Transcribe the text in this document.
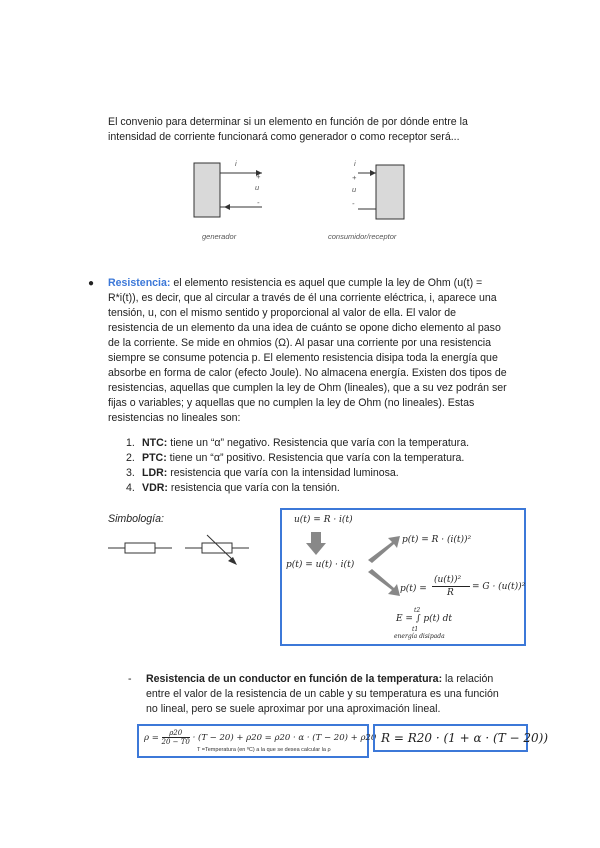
El convenio para determinar si un elemento en función de por dónde entre la
intensidad de corriente funcionará como generador o como receptor será...
i
+
u
-
i
+
u
-
generador	consumidor/receptor
● Resistencia: el elemento resistencia es aquel que cumple la ley de Ohm (u(t) =
R*i(t)), es decir, que al circular a través de él una corriente eléctrica, i, aparece una
tensión, u, con el mismo sentido y proporcional al valor de ella. El valor de
resistencia de un elemento da una idea de cuánto se opone dicho elemento al paso
de la corriente. Se mide en ohmios (Ω). Al pasar una corriente por una resistencia
siempre se consume potencia p. El elemento resistencia disipa toda la energía que
absorbe en forma de calor (efecto Joule). No almacena energía. Existen dos tipos de
resistencias, aquellas que cumplen la ley de Ohm (lineales), que a su vez podrán ser
fijas o variables; y aquellas que no cumplen la ley de Ohm (no lineales). Estas
resistencias no lineales son:
1. NTC: tiene un “α” negativo. Resistencia que varía con la temperatura.
2. PTC: tiene un “α” positivo. Resistencia que varía con la temperatura.
3. LDR: resistencia que varía con la intensidad luminosa.
4. VDR: resistencia que varía con la tensión.
Simbología:	u(t) = R · i(t)
p(t) = u(t) · i(t)
p(t) = R · (i(t))²
p(t) =
(u(t))²
R
= G · (u(t))²
E = ∫ p(t) dt
t2
t1
energía disipada
- Resistencia de un conductor en función de la temperatura: la relación
entre el valor de la resistencia de un cable y su temperatura es una función
no lineal, pero se suele aproximar por una aproximación lineal.
$\rho = \frac{\rho 20}{20 - T0} \cdot (T - 20) + \rho 20 = \rho 20 \cdot \alpha \cdot (T - 20) + \rho 20$
T =Temperatura (en ºC) a la que se desea calcular la ρ
R = R20 · (1 + α · (T − 20))
